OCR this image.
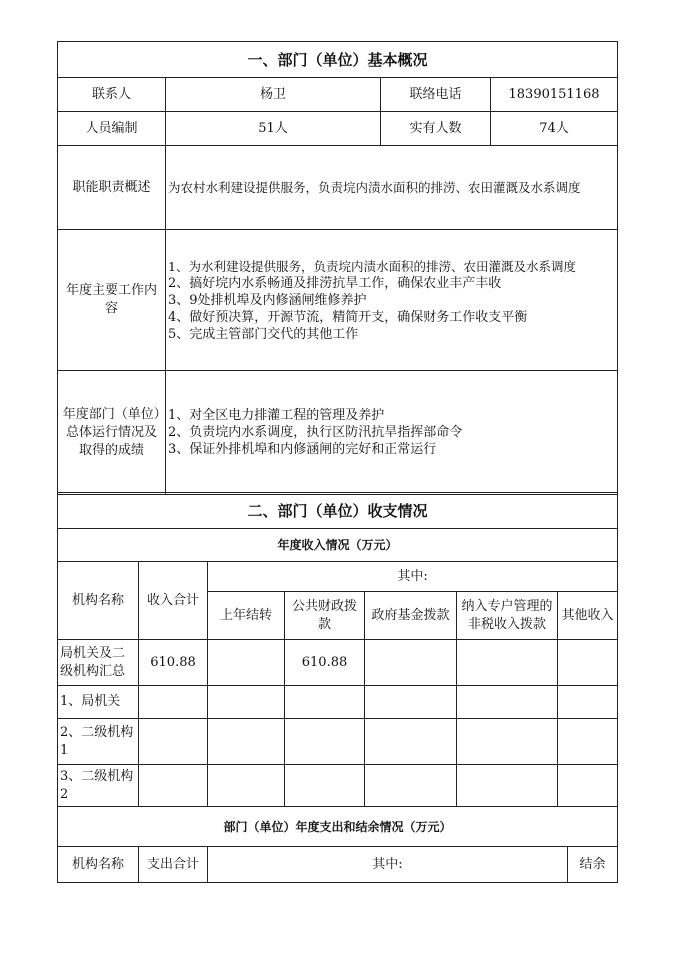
一、部门（单位）基本概况			
联系人	杨卫	联络电话	18390151168
人员编制	51人	实有人数	74人
职能职责概述	为农村水利建设提供服务，负责垸内渍水面积的排涝、农田灌溉及水系调度		
年度主要工作内容	1、为水利建设提供服务，负责垸内渍水面积的排涝、农田灌溉及水系调度
2、搞好垸内水系畅通及排涝抗旱工作，确保农业丰产丰收
3、9处排机埠及内修涵闸维修养护
4、做好预决算，开源节流，精简开支，确保财务工作收支平衡
5、完成主管部门交代的其他工作		

年度部门（单位）总体运行情况及取得的成绩	1、对全区电力排灌工程的管理及养护
2、负责垸内水系调度，执行区防汛抗旱指挥部命令
3、保证外排机埠和内修涵闸的完好和正常运行		
二、部门（单位）收支情况						
年度收入情况（万元）						
机构名称	收入合计	其中:				
		上年结转	公共财政拨款	政府基金拨款	纳入专户管理的非税收入拨款	其他收入
局机关及二级机构汇总	610.88		610.88			
1、局机关						
2、二级机构1						
3、二级机构2						
部门（单位）年度支出和结余情况（万元）
机构名称	支出合计	其中:	结余
